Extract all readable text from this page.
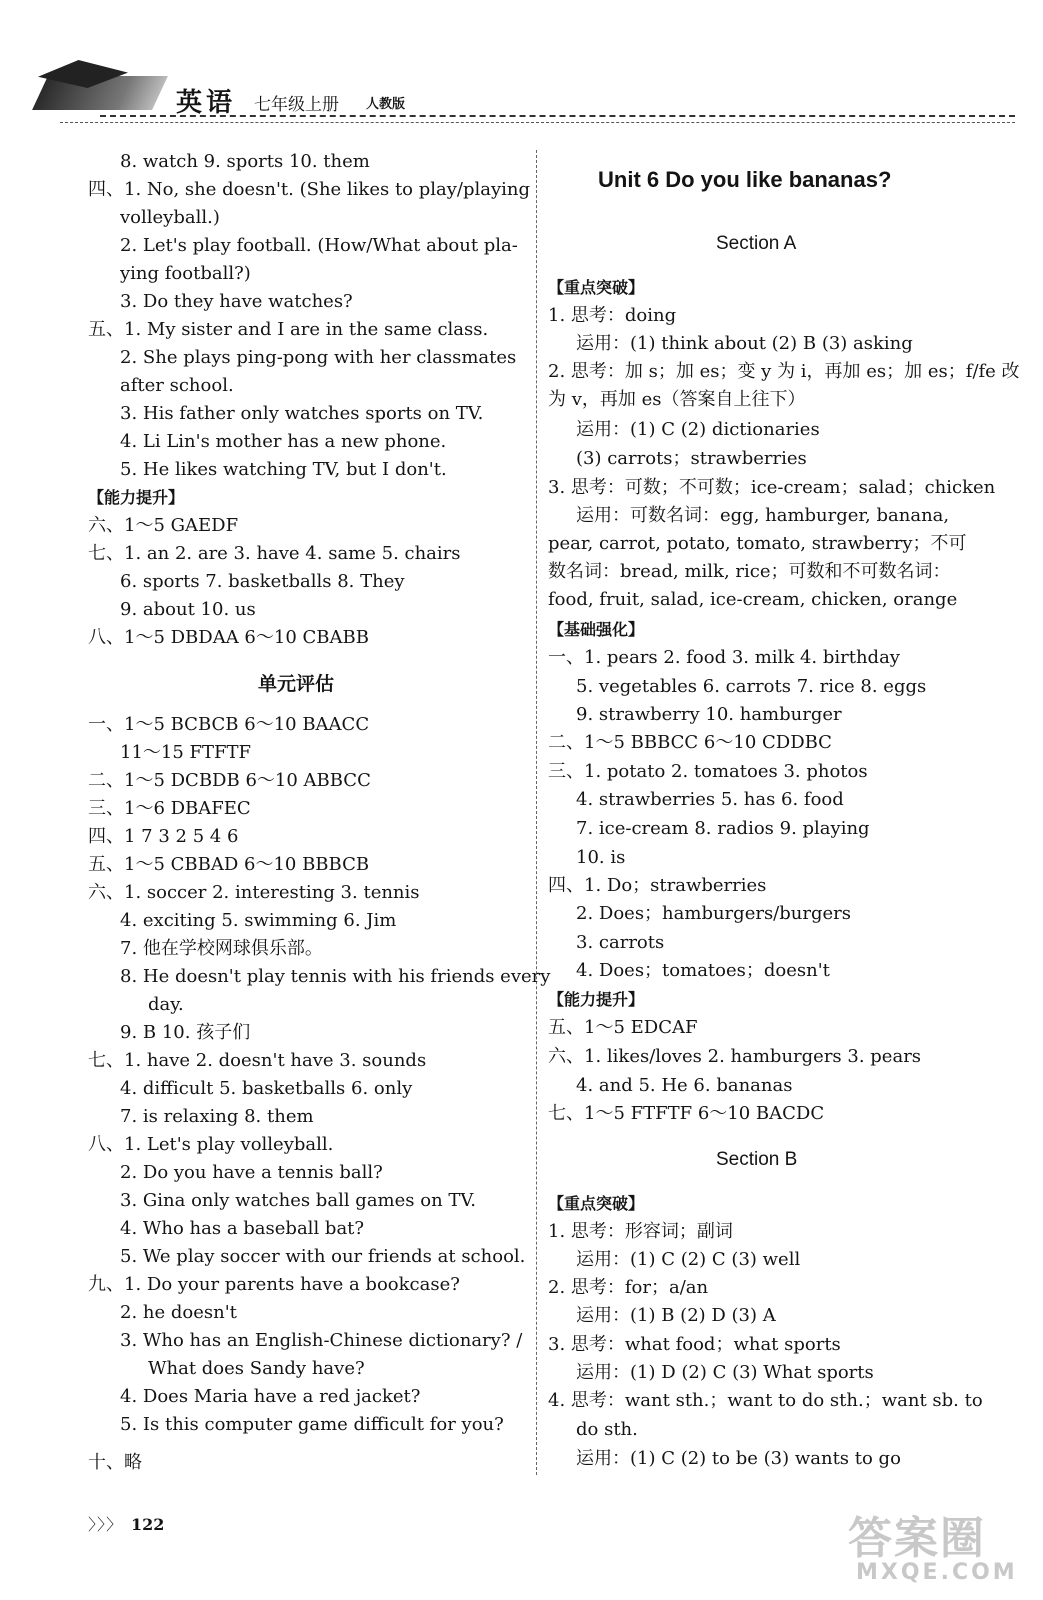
英语 七年级上册 人教版
8. watch 9. sports 10. them
四、1. No, she doesn't. (She likes to play/playing
volleyball.)
2. Let's play football. (How/What about pla-
ying football?)
3. Do they have watches?
五、1. My sister and I are in the same class.
2. She plays ping-pong with her classmates
after school.
3. His father only watches sports on TV.
4. Li Lin's mother has a new phone.
5. He likes watching TV, but I don't.
【能力提升】
六、1～5 GAEDF
七、1. an 2. are 3. have 4. same 5. chairs
6. sports 7. basketballs 8. They
9. about 10. us
八、1～5 DBDAA 6～10 CBABB
单元评估
一、1～5 BCBCB 6～10 BAACC
11～15 FTFTF
二、1～5 DCBDB 6～10 ABBCC
三、1～6 DBAFEC
四、1 7 3 2 5 4 6
五、1～5 CBBAD 6～10 BBBCB
六、1. soccer 2. interesting 3. tennis
4. exciting 5. swimming 6. Jim
7. 他在学校网球俱乐部。
8. He doesn't play tennis with his friends every
day.
9. B 10. 孩子们
七、1. have 2. doesn't have 3. sounds
4. difficult 5. basketballs 6. only
7. is relaxing 8. them
八、1. Let's play volleyball.
2. Do you have a tennis ball?
3. Gina only watches ball games on TV.
4. Who has a baseball bat?
5. We play soccer with our friends at school.
九、1. Do your parents have a bookcase?
2. he doesn't
3. Who has an English-Chinese dictionary? /
What does Sandy have?
4. Does Maria have a red jacket?
5. Is this computer game difficult for you?
十、略
Unit 6 Do you like bananas?
Section A
【重点突破】
1. 思考：doing
运用：(1) think about (2) B (3) asking
2. 思考：加 s；加 es；变 y 为 i，再加 es；加 es；f/fe 改
为 v，再加 es（答案自上往下）
运用：(1) C (2) dictionaries
(3) carrots；strawberries
3. 思考：可数；不可数；ice-cream；salad；chicken
运用：可数名词：egg, hamburger, banana,
pear, carrot, potato, tomato, strawberry；不可
数名词：bread, milk, rice；可数和不可数名词：
food, fruit, salad, ice-cream, chicken, orange
【基础强化】
一、1. pears 2. food 3. milk 4. birthday
5. vegetables 6. carrots 7. rice 8. eggs
9. strawberry 10. hamburger
二、1～5 BBBCC 6～10 CDDBC
三、1. potato 2. tomatoes 3. photos
4. strawberries 5. has 6. food
7. ice-cream 8. radios 9. playing
10. is
四、1. Do；strawberries
2. Does；hamburgers/burgers
3. carrots
4. Does；tomatoes；doesn't
【能力提升】
五、1～5 EDCAF
六、1. likes/loves 2. hamburgers 3. pears
4. and 5. He 6. bananas
七、1～5 FTFTF 6～10 BACDC
Section B
【重点突破】
1. 思考：形容词；副词
运用：(1) C (2) C (3) well
2. 思考：for；a/an
运用：(1) B (2) D (3) A
3. 思考：what food；what sports
运用：(1) D (2) C (3) What sports
4. 思考：want sth.；want to do sth.；want sb. to
do sth.
运用：(1) C (2) to be (3) wants to go
〉〉〉 122	答案圈
MXQE.COM
